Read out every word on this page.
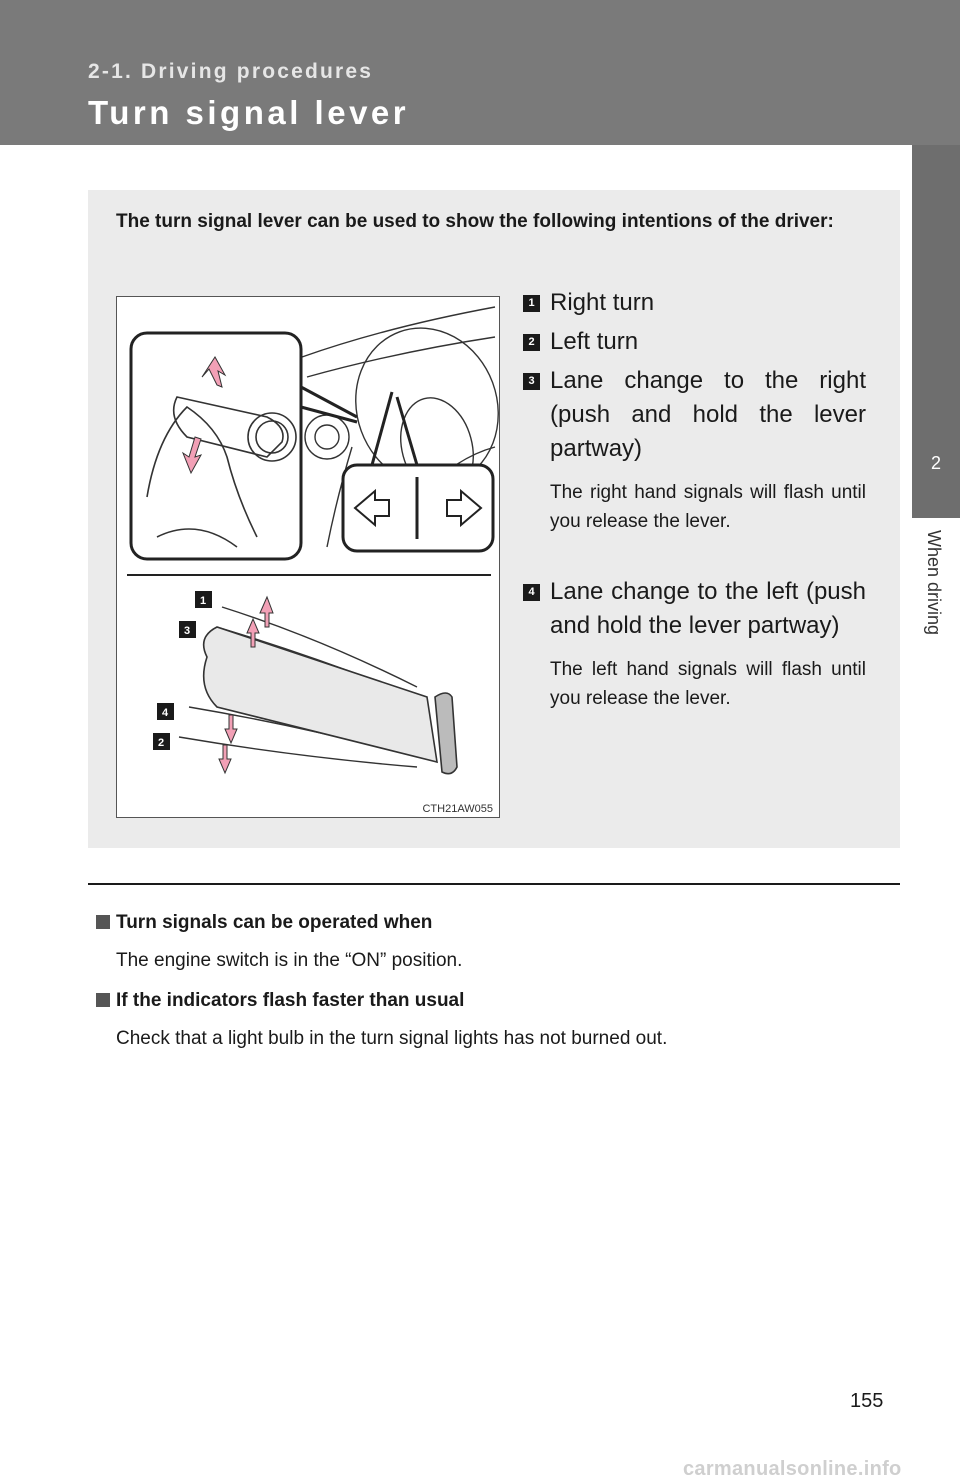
2-1. Driving procedures
Turn signal lever
2
When driving
The turn signal lever can be used to show the following intentions of the driver:
1
3
4
2
CTH21AW055
1 Right turn
2 Left turn
3 Lane change to the right (push and hold the lever partway)
The right hand signals will flash until you release the lever.
4 Lane change to the left (push and hold the lever partway)
The left hand signals will flash until you release the lever.
Turn signals can be operated when
The engine switch is in the “ON” position.
If the indicators flash faster than usual
Check that a light bulb in the turn signal lights has not burned out.
155
carmanualsonline.info
